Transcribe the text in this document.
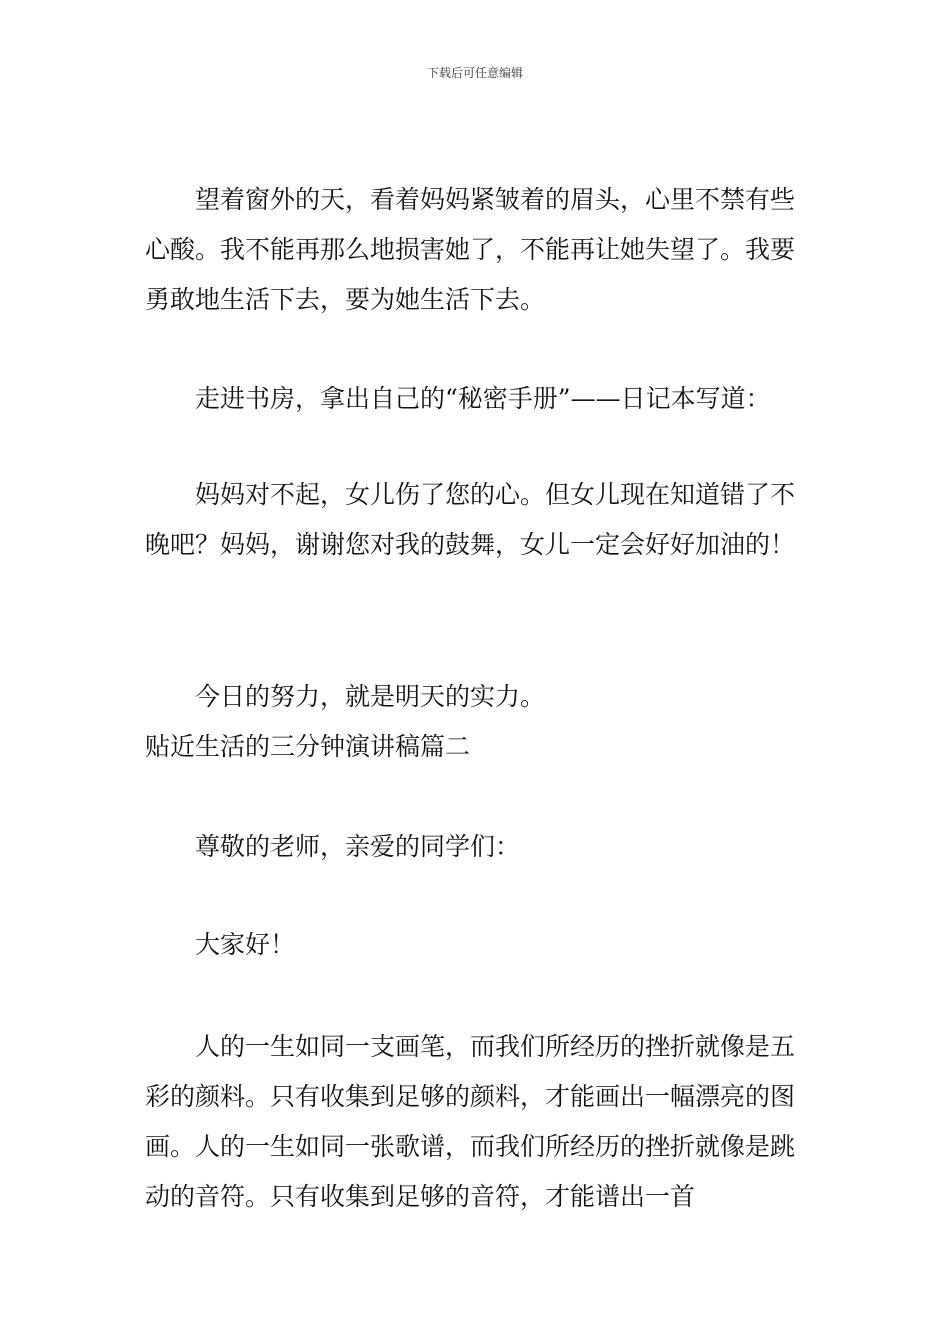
下载后可任意编辑

望着窗外的天，看着妈妈紧皱着的眉头，心里不禁有些心酸。我不能再那么地损害她了，不能再让她失望了。我要勇敢地生活下去，要为她生活下去。

走进书房，拿出自己的“秘密手册”——日记本写道：

妈妈对不起，女儿伤了您的心。但女儿现在知道错了不晚吧？妈妈，谢谢您对我的鼓舞，女儿一定会好好加油的！

今日的努力，就是明天的实力。

贴近生活的三分钟演讲稿篇二

尊敬的老师，亲爱的同学们：

大家好！

人的一生如同一支画笔，而我们所经历的挫折就像是五彩的颜料。只有收集到足够的颜料，才能画出一幅漂亮的图画。人的一生如同一张歌谱，而我们所经历的挫折就像是跳动的音符。只有收集到足够的音符，才能谱出一首
